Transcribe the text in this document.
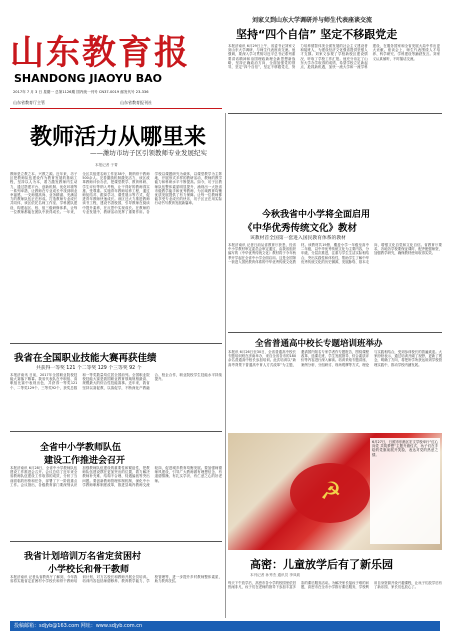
山东教育报
SHANDONG JIAOYU BAO
2017年 7 月 3 日 星期一 总第1126期 国内统一刊号 CN37-0019 邮发代号 23-336
山东省教育厅主管	山东省教育报刊社
刘家义到山东大学调研并与师生代表座谈交流
坚持“四个自信” 坚定不移跟党走
本报济南讯 6月29日上午，省委书记刘家义到山东大学调研，与师生代表座谈交流。他强调，要深入学习贯彻习近平总书记系列重要讲话精神和治国理政新理念新思想新战略，坚持正确政治方向，全面加强党的领导，坚定“四个自信”，坚定不移跟党走，努力培养德智体美全面发展的社会主义建设者和接班人，为建设经济文化强省提供坚强人才支撑。刘家义参观了学校新校区建设情况，听取了学校工作汇报。他充分肯定了山东大学办学取得的成绩，希望学校立足新起点，抢抓新机遇，加快一流大学和一流学科建设，在服务国家和全省发展大局中作出更大贡献。座谈会上，师生代表围绕人才培养、科学研究、学科建设等踊跃发言。刘家义认真倾听，不时插话交流。
教师活力从哪里来
——潍坊市坊子区引领教师专业发展纪实
本报记者 于菁
教师是立教之本、兴教之源。近年来，坊子区把教师队伍建设作为教育发展的基础工程，坚持以人为本，着力激发教师内生动力，通过搭建平台、创新机制、优化环境等一系列举措，让教师在专业成长中找到职业幸福感，一支师德高尚、业务精湛、充满活力的教师队伍正在形成。打造教师专业成长共同体，该区依托名师工作室、学科团队建设，构建起区、校、组三级研修体系，让每一位教师都能在团队中获得成长。一年来，全区共组建名师工作室38个，吸纳骨干教师500余人。完善激励机制激发活力，该区改革教师评价办法，把课堂教学、教育科研、学生评价等纳入考核，让干得好的教师得实惠、受尊重。实施青年教师培养工程，通过师徒结对、跟岗学习、课堂展示等方式，促进青年教师快速成长。该区还大力推进教师读书工程，建设书香校园，引导教师在阅读中提升素养，在反思中实现成长。在教师的专业发展中，教研活动发挥了重要作用。各学校以课题研究为载体，以课堂教学为主阵地，开展形式多样的教研活动，教师的教学能力和科研水平不断提高。如今，坊子区教师队伍整体素质明显提升，涌现出一大批省市级教学能手和优秀教师，为区域教育均衡优质发展提供了有力保障。让每一位教师都能享受专业成长的快乐，坊子区正在用实际行动书写教育发展新篇章。
今秋我省中小学将全面启用
《中华优秀传统文化》教材
该教材首全国第一套进入国民教育体系的教材
本报济南讯 记者日前从省教育厅获悉，经省中小学教材审定委员会审定通过，由我省组织编写的《中华优秀传统文化》教材将于今年秋季开学起在全省中小学全面启用。这是全国第一套进入国民教育体系的中华优秀传统文化教材。该教材共19册，覆盖小学一年级至高中二年级，以中华优秀传统文化为主要内容，分年级、分层次推进，注重与学生生活实际相结合，突出实践性和体验性，帮助学生了解中华优秀传统文化的历史渊源、发展脉络、基本走向，增强文化自觉和文化自信。省教育厅要求，各地各学校要保证课时，配齐配强师资，加强教学研究，确保教材使用取得实效。
全省普通高中校长专题培训班举办
本报讯 6月26日至30日，全省普通高中校长专题培训班在济南举办，来自全省各市的180余名普通高中校长参加培训。此次培训以“新高考背景下普通高中育人方式改革”为主题，邀请国内知名专家学者作专题报告，围绕课程改革、选课走班、学生发展指导、综合素质评价等内容进行深入解读。培训采取专题讲座、案例分析、分组研讨、现场观摩等方式，理论与实践相结合，受到参训校长的普遍欢迎。大家纷纷表示，通过培训开阔了视野，更新了观念，明确了方向，将把所学所获运用到学校管理实践中，推动学校内涵发展。
我省在全国职业技能大赛再获佳绩
共获得一等奖 121 个二等奖 129 个三等奖 92 个
本报济南讯 日前，2017年全国职业院校技能大赛落下帷幕。我省代表队在中职组、高职组比赛中表现出色，共获得一等奖121个、二等奖129个、三等奖92个，获奖总数和一等奖数量均位居全国前列。全国职业院校技能大赛是我国职业教育领域规格最高、规模最大的综合性技能赛事。近年来，我省坚持以赛促教、以赛促学，不断深化产教融合、校企合作，职业院校学生技能水平持续提升。
全省中小学教师队伍
建设工作推进会召开
本报济南讯 6月28日，全省中小学教师队伍建设工作推进会召开。会议总结了近年来全省教师队伍建设工作取得的成效，分析了当前面临的形势和任务，部署了下一阶段重点工作。会议指出，各级教育部门要深刻认识加强教师队伍建设的重要性和紧迫性，把教师队伍建设摆在更加突出的位置，着力解决教师补充难、结构不合理、待遇偏低等突出问题。要创新教师管理体制机制，深化中小学教师职称制度改革，推进县域内教师交流轮岗，促进城乡教育均衡发展。要加强师德师风建设，引导广大教师做有理想信念、有道德情操、有扎实学识、有仁爱之心的好老师。
我省计划培训万名省定贫困村
小学校长和骨干教师
本报济南讯 记者从省教育厅了解到，今年我省将实施省定贫困村小学校长和骨干教师培训计划，对万名校长和教师开展全员培训。培训内容包括师德修养、教育教学能力、学校管理等，进一步提升乡村教师整体素质，助力教育扶贫。
☭
6月27日，日照市东港区宏文学校举行“红心向党 共筑梦想”主题升旗仪式，孩子们在手绘的党旗前展开笑脸，表达对党的热爱之情。
高密：儿童放学后有了新乐园
本刊记者 孙秀杰 通讯员 李凤莉
每天下午放学后，高密市各小学的校园里依旧热闹非凡，孩子们在老师的指导下参加丰富多彩的课后服务活动。为解决家长接孩子难的问题，高密市在全市小学推行课后服务，学校利用自身资源开设兴趣课程，让孩子们放学后有了新乐园，家长们也放心了。
投稿邮箱：sdjyb@163.com 网址：www.sdjyb.com.cn
